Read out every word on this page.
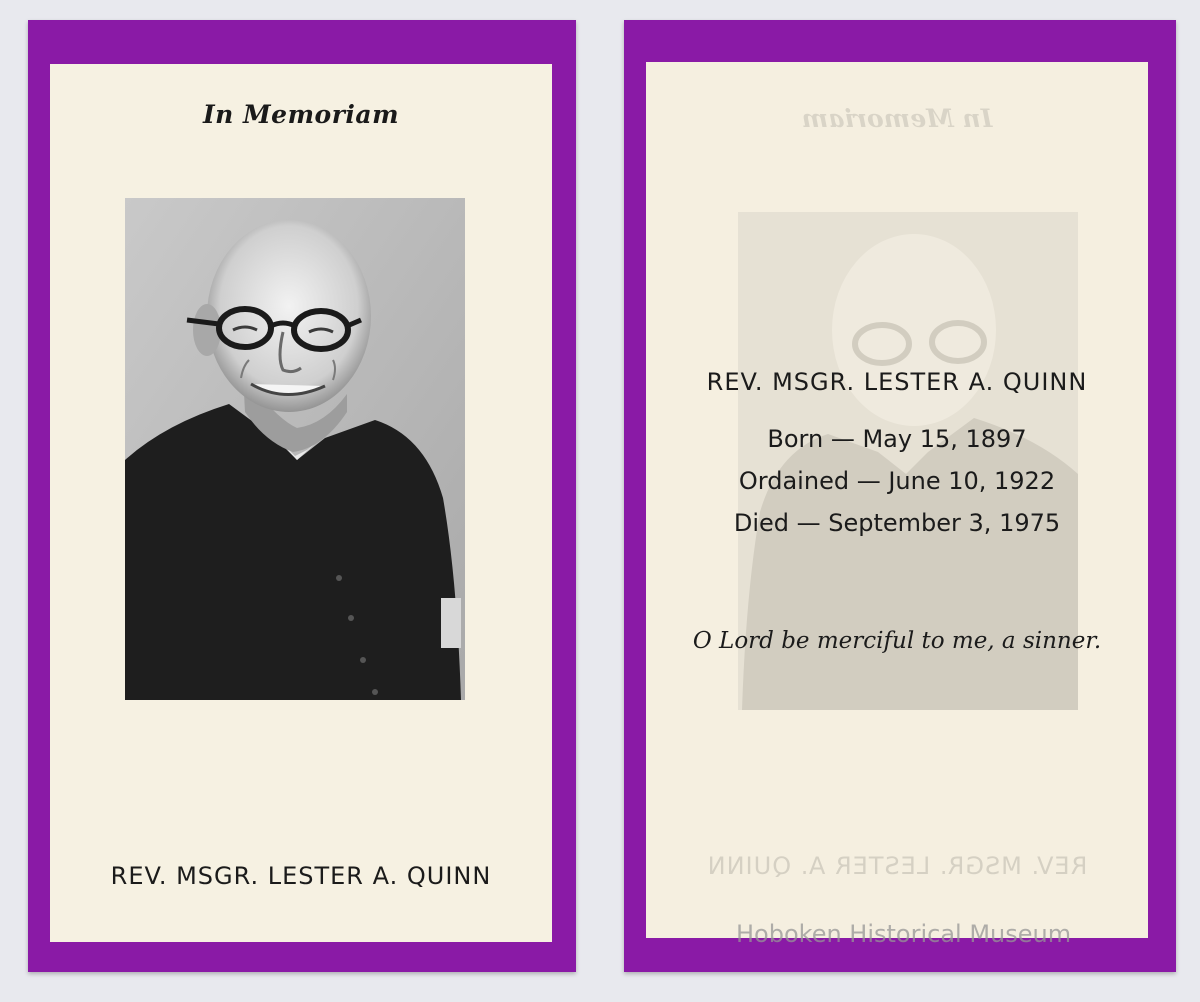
In Memoriam
REV. MSGR. LESTER A. QUINN
In Memoriam
REV. MSGR. LESTER A. QUINN
REV. MSGR. LESTER A. QUINN
Born — May 15, 1897
Ordained — June 10, 1922
Died — September 3, 1975
O Lord be merciful to me, a sinner.
Hoboken Historical Museum
